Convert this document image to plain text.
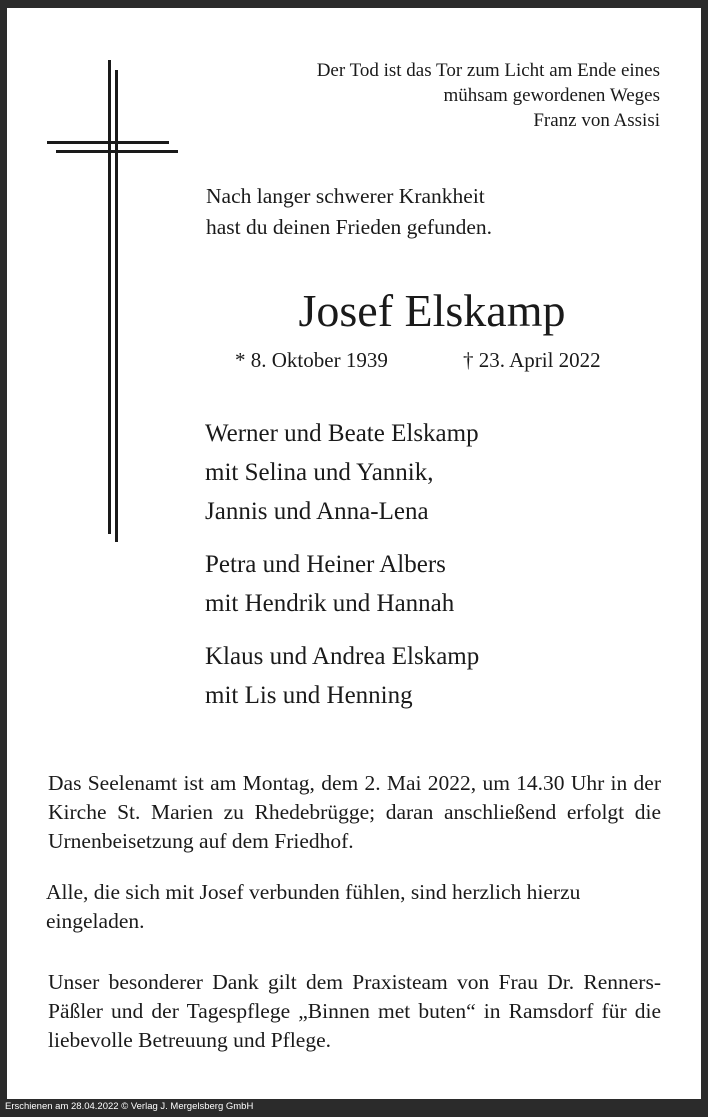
Der Tod ist das Tor zum Licht am Ende eines
mühsam gewordenen Weges
Franz von Assisi
Nach langer schwerer Krankheit
hast du deinen Frieden gefunden.
Josef Elskamp
* 8. Oktober 1939	† 23. April 2022
Werner und Beate Elskamp
mit Selina und Yannik,
Jannis und Anna-Lena
Petra und Heiner Albers
mit Hendrik und Hannah
Klaus und Andrea Elskamp
mit Lis und Henning
Das Seelenamt ist am Montag, dem 2. Mai 2022, um 14.30 Uhr in der Kirche St. Marien zu Rhedebrügge; daran anschließend erfolgt die Urnenbeisetzung auf dem Friedhof.
Alle, die sich mit Josef verbunden fühlen, sind herzlich hierzu eingeladen.
Unser besonderer Dank gilt dem Praxisteam von Frau Dr. Renners-Päßler und der Tagespflege „Binnen met buten“ in Ramsdorf für die liebevolle Betreuung und Pflege.
Erschienen am 28.04.2022 © Verlag J. Mergelsberg GmbH
